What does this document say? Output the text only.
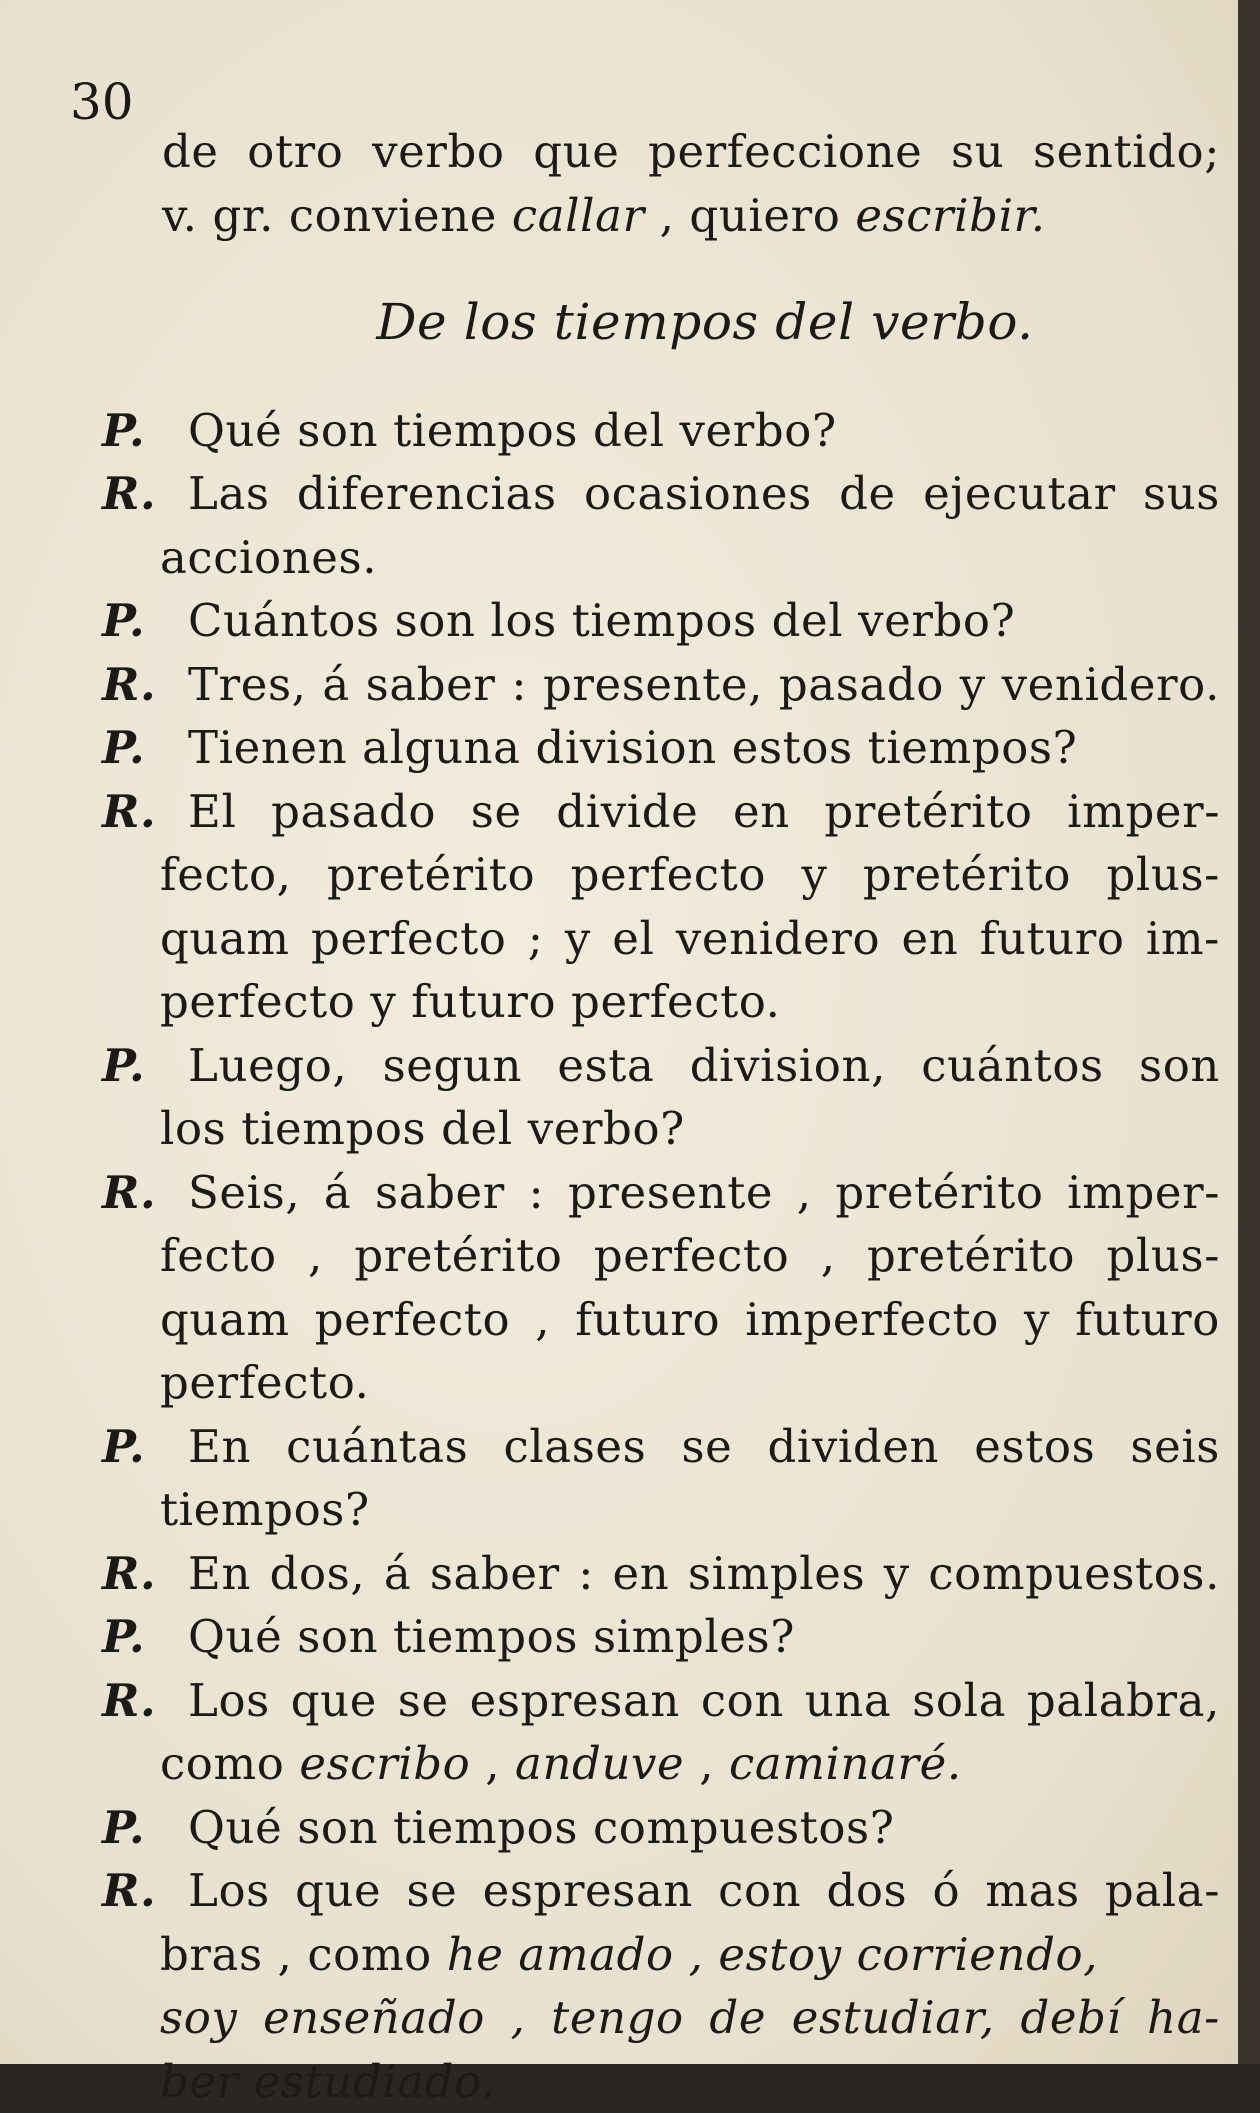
30
de otro verbo que perfeccione su sentido;
v. gr. conviene callar , quiero escribir.
De los tiempos del verbo.
P. Qué son tiempos del verbo?
R. Las diferencias ocasiones de ejecutar sus
acciones.
P. Cuántos son los tiempos del verbo?
R. Tres, á saber : presente, pasado y venidero.
P. Tienen alguna division estos tiempos?
R. El pasado se divide en pretérito imper-
fecto, pretérito perfecto y pretérito plus-
quam perfecto ; y el venidero en futuro im-
perfecto y futuro perfecto.
P. Luego, segun esta division, cuántos son
los tiempos del verbo?
R. Seis, á saber : presente , pretérito imper-
fecto , pretérito perfecto , pretérito plus-
quam perfecto , futuro imperfecto y futuro
perfecto.
P. En cuántas clases se dividen estos seis
tiempos?
R. En dos, á saber : en simples y compuestos.
P. Qué son tiempos simples?
R. Los que se espresan con una sola palabra,
como escribo , anduve , caminaré.
P. Qué son tiempos compuestos?
R. Los que se espresan con dos ó mas pala-
bras , como he amado , estoy corriendo,
soy enseñado , tengo de estudiar, debí ha-
ber estudiado.
